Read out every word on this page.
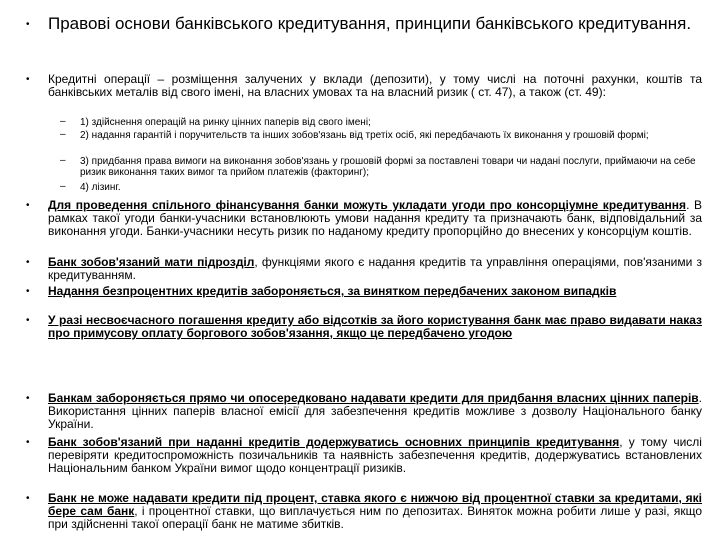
• Правові основи банківського кредитування, принципи банківського кредитування.
• Кредитні операції – розміщення залучених у вклади (депозити), у тому числі на поточні рахунки, коштів та банківських металів від свого імені, на власних умовах та на власний ризик ( ст. 47), а також (ст. 49):
– 1) здійснення операцій на ринку цінних паперів від свого імені;
– 2) надання гарантій і поручительств та інших зобов'язань від третіх осіб, які передбачають їх виконання у грошовій формі;
– 3) придбання права вимоги на виконання зобов'язань у грошовій формі за поставлені товари чи надані послуги, приймаючи на себе ризик виконання таких вимог та прийом платежів (факторинг);
– 4) лізинг.
• Для проведення спільного фінансування банки можуть укладати угоди про консорціумне кредитування. В рамках такої угоди банки-учасники встановлюють умови надання кредиту та призначають банк, відповідальний за виконання угоди. Банки-учасники несуть ризик по наданому кредиту пропорційно до внесених у консорціум коштів.
• Банк зобов'язаний мати підрозділ, функціями якого є надання кредитів та управління операціями, пов'язаними з кредитуванням.
• Надання безпроцентних кредитів забороняється, за винятком передбачених законом випадків
• У разі несвоєчасного погашення кредиту або відсотків за його користування банк має право видавати наказ про примусову оплату боргового зобов'язання, якщо це передбачено угодою
• Банкам забороняється прямо чи опосередковано надавати кредити для придбання власних цінних паперів. Використання цінних паперів власної емісії для забезпечення кредитів можливе з дозволу Національного банку України.
• Банк зобов'язаний при наданні кредитів додержуватись основних принципів кредитування, у тому числі перевіряти кредитоспроможність позичальників та наявність забезпечення кредитів, додержуватись встановлених Національним банком України вимог щодо концентрації ризиків.
• Банк не може надавати кредити під процент, ставка якого є нижчою від процентної ставки за кредитами, які бере сам банк, і процентної ставки, що виплачується ним по депозитах. Виняток можна робити лише у разі, якщо при здійсненні такої операції банк не матиме збитків.
